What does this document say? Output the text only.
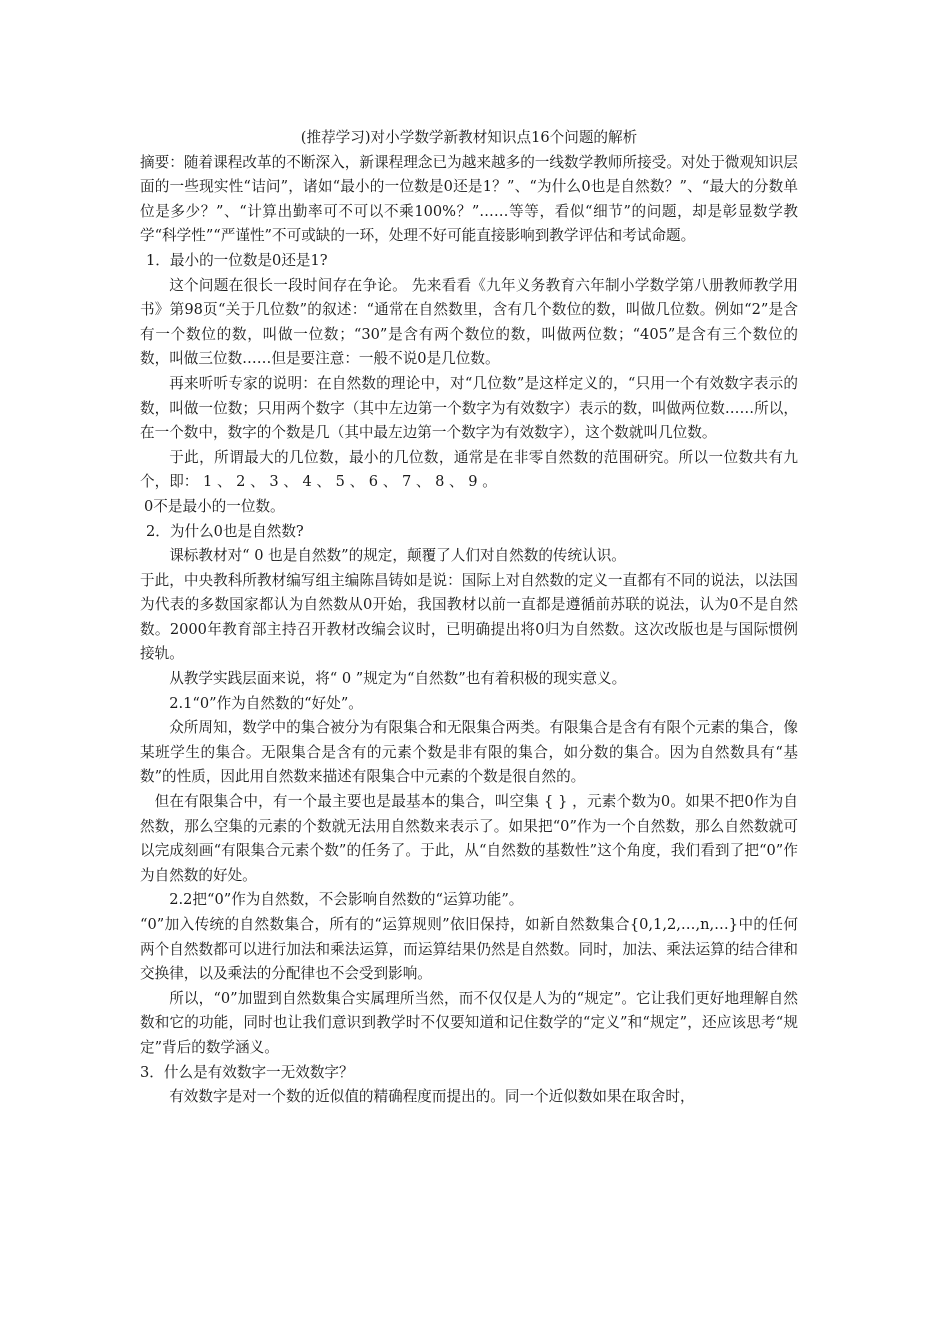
(推荐学习)对小学数学新教材知识点16个问题的解析

摘要：随着课程改革的不断深入，新课程理念已为越来越多的一线数学教师所接受。对处于微观知识层面的一些现实性“诘问”，诸如“最小的一位数是0还是1？”、“为什么0也是自然数？”、“最大的分数单位是多少？”、“计算出勤率可不可以不乘100%？”……等等，看似“细节”的问题，却是彰显数学教学“科学性”“严谨性”不可或缺的一环，处理不好可能直接影响到教学评估和考试命题。

1．最小的一位数是0还是1?

这个问题在很长一段时间存在争论。 先来看看《九年义务教育六年制小学数学第八册教师教学用书》第98页“关于几位数”的叙述：“通常在自然数里，含有几个数位的数，叫做几位数。例如“2”是含有一个数位的数，叫做一位数；“30”是含有两个数位的数，叫做两位数；“405”是含有三个数位的数，叫做三位数……但是要注意：一般不说0是几位数。

再来听听专家的说明：在自然数的理论中，对“几位数”是这样定义的，“只用一个有效数字表示的数，叫做一位数；只用两个数字（其中左边第一个数字为有效数字）表示的数，叫做两位数……所以，在一个数中，数字的个数是几（其中最左边第一个数字为有效数字），这个数就叫几位数。

于此，所谓最大的几位数，最小的几位数，通常是在非零自然数的范围研究。所以一位数共有九个，即： 1 、 2 、 3 、 4 、 5 、 6 、 7 、 8 、 9 。

0不是最小的一位数。

2．为什么0也是自然数?

课标教材对“ 0 也是自然数”的规定，颠覆了人们对自然数的传统认识。

于此，中央教科所教材编写组主编陈昌铸如是说：国际上对自然数的定义一直都有不同的说法，以法国为代表的多数国家都认为自然数从0开始，我国教材以前一直都是遵循前苏联的说法，认为0不是自然数。2000年教育部主持召开教材改编会议时，已明确提出将0归为自然数。这次改版也是与国际惯例接轨。

从教学实践层面来说，将“ 0 ”规定为“自然数”也有着积极的现实意义。

2.1“0”作为自然数的“好处”。

众所周知，数学中的集合被分为有限集合和无限集合两类。有限集合是含有有限个元素的集合，像某班学生的集合。无限集合是含有的元素个数是非有限的集合，如分数的集合。因为自然数具有“基数”的性质，因此用自然数来描述有限集合中元素的个数是很自然的。

但在有限集合中，有一个最主要也是最基本的集合，叫空集 { } ，元素个数为0。如果不把0作为自然数，那么空集的元素的个数就无法用自然数来表示了。如果把“0”作为一个自然数，那么自然数就可以完成刻画“有限集合元素个数”的任务了。于此，从“自然数的基数性”这个角度，我们看到了把“0”作为自然数的好处。

2.2把“0”作为自然数，不会影响自然数的“运算功能”。

“0”加入传统的自然数集合，所有的“运算规则”依旧保持，如新自然数集合{0,1,2,…,n,…}中的任何两个自然数都可以进行加法和乘法运算，而运算结果仍然是自然数。同时，加法、乘法运算的结合律和交换律，以及乘法的分配律也不会受到影响。

所以，“0”加盟到自然数集合实属理所当然，而不仅仅是人为的“规定”。它让我们更好地理解自然数和它的功能，同时也让我们意识到教学时不仅要知道和记住数学的“定义”和“规定”，还应该思考“规定”背后的数学涵义。

3．什么是有效数字一无效数字？

有效数字是对一个数的近似值的精确程度而提出的。同一个近似数如果在取舍时，
